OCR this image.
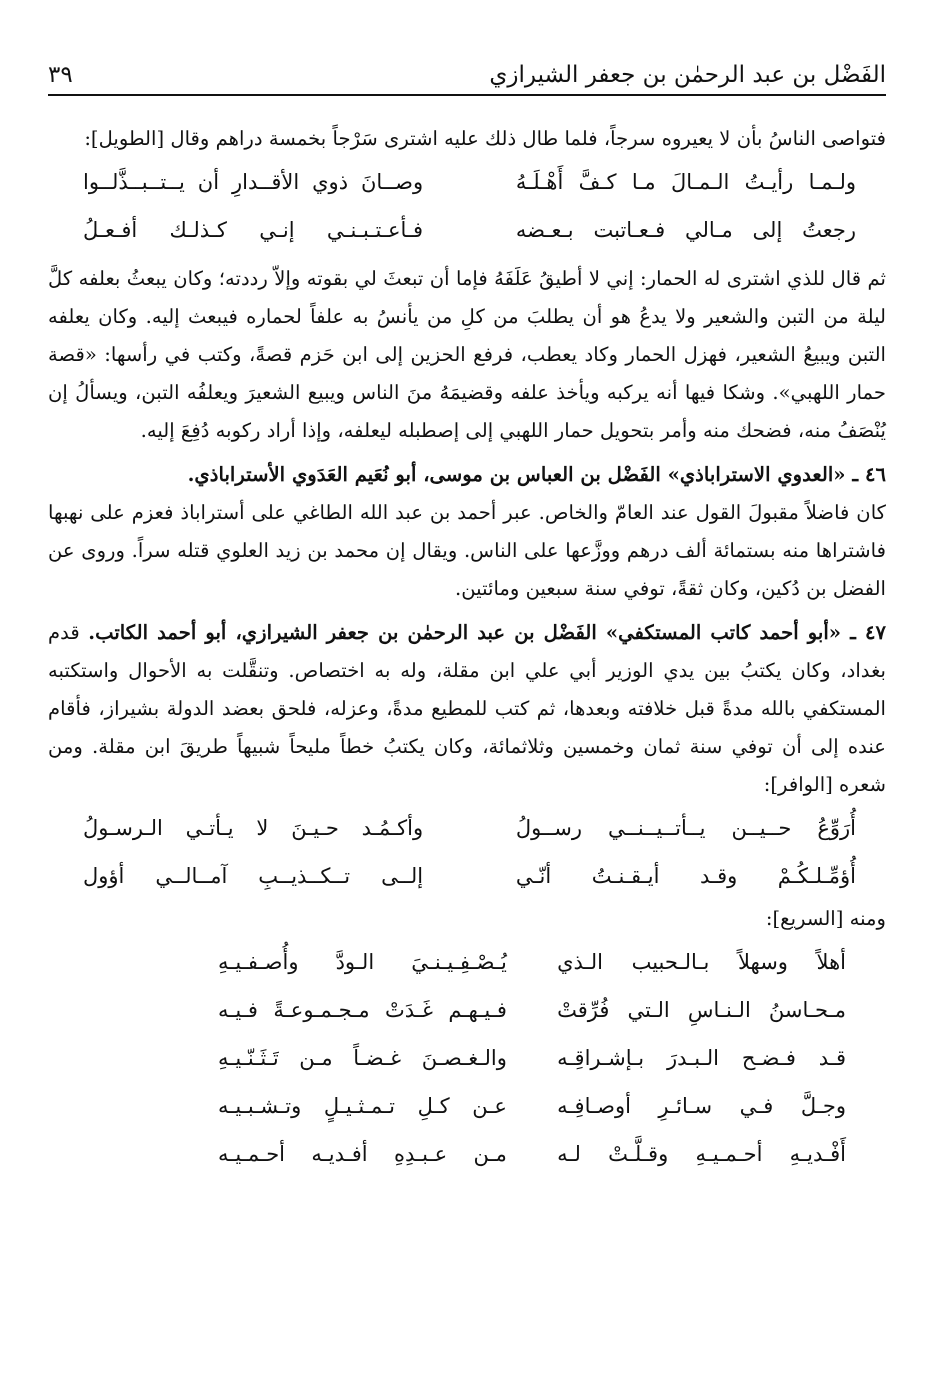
الفَضْل بن عبد الرحمٰن بن جعفر الشيرازي
٣٩

فتواصى الناسُ بأن لا يعيروه سرجاً، فلما طال ذلك عليه اشترى سَرْجاً بخمسة دراهم وقال [الطويل]:

ولـمـا رأيـتُ الـمـالَ مـا كـفَّ أَهْـلَـهُ
وصــانَ ذوي الأقــدارِ أن يــتــبــذَّلــوا
رجعتُ إلى مـالي فـعـاتبت بـعـضه
فـأعـتـبـنـي إنـي كـذلـك أفـعـلُ

ثم قال للذي اشترى له الحمار: إني لا أطيقُ عَلَفَهُ فإما أن تبعثَ لي بقوته وإلاّ رددته؛ وكان يبعثُ بعلفه كلَّ ليلة من التبن والشعير ولا يدعُ هو أن يطلبَ من كلِ من يأنسُ به علفاً لحماره فيبعث إليه. وكان يعلفه التبن ويبيعُ الشعير، فهزل الحمار وكاد يعطب، فرفع الحزين إلى ابن حَزم قصةً، وكتب في رأسها: «قصة حمار اللهبي». وشكا فيها أنه يركبه ويأخذ علفه وقضيمَهُ منَ الناس ويبيع الشعيرَ ويعلفُه التبن، ويسألُ إن يُنْصَفُ منه، فضحك منه وأمر بتحويل حمار اللهبي إلى إصطبله ليعلفه، وإذا أراد ركوبه دُفِعَ إليه.

٤٦ ـ «العدوي الاستراباذي» الفَضْل بن العباس بن موسى، أبو نُعَيم العَدَوي الأستراباذي.
كان فاضلاً مقبولَ القول عند العامّ والخاص. عبر أحمد بن عبد الله الطاغي على أستراباذ فعزم على نهبها فاشتراها منه بستمائة ألف درهم ووزَّعها على الناس. ويقال إن محمد بن زيد العلوي قتله سراً. وروى عن الفضل بن دُكين، وكان ثقةً، توفي سنة سبعين ومائتين.

٤٧ ـ «أبو أحمد كاتب المستكفي» الفَضْل بن عبد الرحمٰن بن جعفر الشيرازي، أبو أحمد الكاتب. قدم بغداد، وكان يكتبُ بين يدي الوزير أبي علي ابن مقلة، وله به اختصاص. وتنقَّلت به الأحوال واستكتبه المستكفي بالله مدةً قبل خلافته وبعدها، ثم كتب للمطيع مدةً، وعزله، فلحق بعضد الدولة بشيراز، فأقام عنده إلى أن توفي سنة ثمان وخمسين وثلاثمائة، وكان يكتبُ خطاً مليحاً شبيهاً طريقَ ابن مقلة. ومن شعره [الوافر]:

أُرَوِّعُ حــيــن يــأتــيــنــي رســولُ
وأكـمُـد حـيـنَ لا يـأتـي الـرسـولُ
أُؤمِّـلـكُـمْ وقـد أيـقـنـتُ أنّـي
إلــى تــكــذيــبِ آمــالــي أؤول

ومنه [السريع]:

أهلاً وسهلاً بـالـحبيب الـذي
يُـصْـفِـيـنـيَ الـودَّ وأُصـفـيـهِ
مـحـاسنُ الـنـاسِ الـتي فُرِّقتْ
فـيـهـم غَـدَتْ مـجـمـوعـةً فـيـه
قـد فـضـح الـبـدرَ بـإشـراقِـه
والـغـصـنَ غـضـاً مـن تَـثَـنّـيـهِ
وجـلَّ فـي سـائـرِ أوصـافِـه
عـن كـلِ تـمـثـيـلٍ وتـشـبـيـه
أَفْـديـهِ أحـمـيـهِ وقـلَّـتْ لـه
مـن عـبـدِهِ أفـديـه أحـمـيـه
